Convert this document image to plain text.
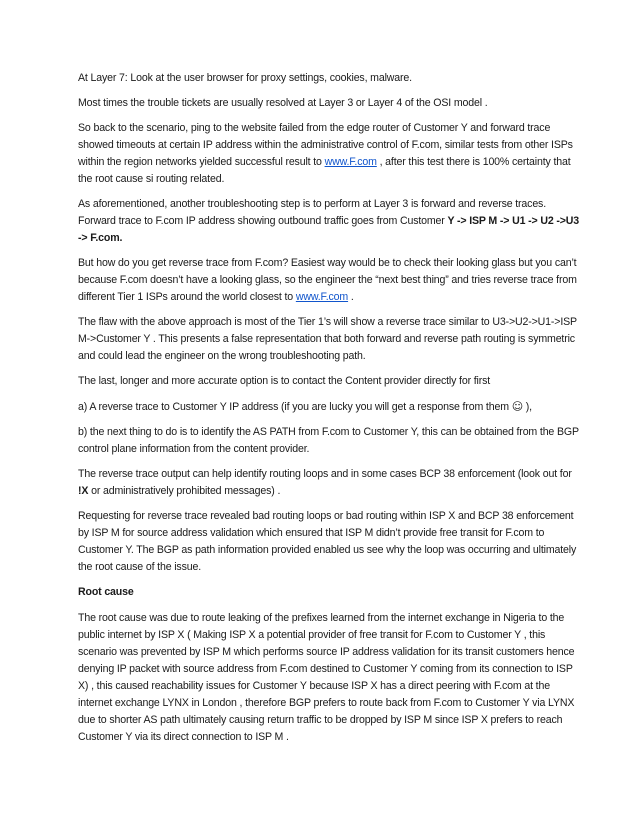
At Layer 7: Look at the user browser for proxy settings, cookies, malware.

Most times the trouble tickets are usually resolved at Layer 3 or Layer 4 of the OSI model .

So back to the scenario, ping to the website failed from the edge router of Customer Y and forward trace showed timeouts at certain IP address within the administrative control of F.com, similar tests from other ISPs within the region networks yielded successful result to www.F.com , after this test there is 100% certainty that the root cause si routing related.

As aforementioned, another troubleshooting step is to perform at Layer 3 is forward and reverse traces. Forward trace to F.com IP address showing outbound traffic goes from Customer Y -> ISP M -> U1 -> U2 ->U3 -> F.com.

But how do you get reverse trace from F.com? Easiest way would be to check their looking glass but you can’t because F.com doesn’t have a looking glass, so the engineer the “next best thing” and tries reverse trace from different Tier 1 ISPs around the world closest to www.F.com .

The flaw with the above approach is most of the Tier 1’s will show a reverse trace similar to U3->U2->U1->ISP M->Customer Y . This presents a false representation that both forward and reverse path routing is symmetric and could lead the engineer on the wrong troubleshooting path.

The last, longer and more accurate option is to contact the Content provider directly for first

a) A reverse trace to Customer Y IP address (if you are lucky you will get a response from them ☺ ),

b) the next thing to do is to identify the AS PATH from F.com to Customer Y, this can be obtained from the BGP control plane information from the content provider.

The reverse trace output can help identify routing loops and in some cases BCP 38 enforcement (look out for !X or administratively prohibited messages) .

Requesting for reverse trace revealed bad routing loops or bad routing within ISP X and BCP 38 enforcement by ISP M for source address validation which ensured that ISP M didn’t provide free transit for F.com to Customer Y. The BGP as path information provided enabled us see why the loop was occurring and ultimately the root cause of the issue.

Root cause

The root cause was due to route leaking of the prefixes learned from the internet exchange in Nigeria to the public internet by ISP X ( Making ISP X a potential provider of free transit for F.com to Customer Y , this scenario was prevented by ISP M which performs source IP address validation for its transit customers hence denying IP packet with source address from F.com destined to Customer Y coming from its connection to ISP X) , this caused reachability issues for Customer Y because ISP X has a direct peering with F.com at the internet exchange LYNX in London , therefore BGP prefers to route back from F.com to Customer Y via LYNX due to shorter AS path ultimately causing return traffic to be dropped by ISP M since ISP X prefers to reach Customer Y via its direct connection to ISP M .
